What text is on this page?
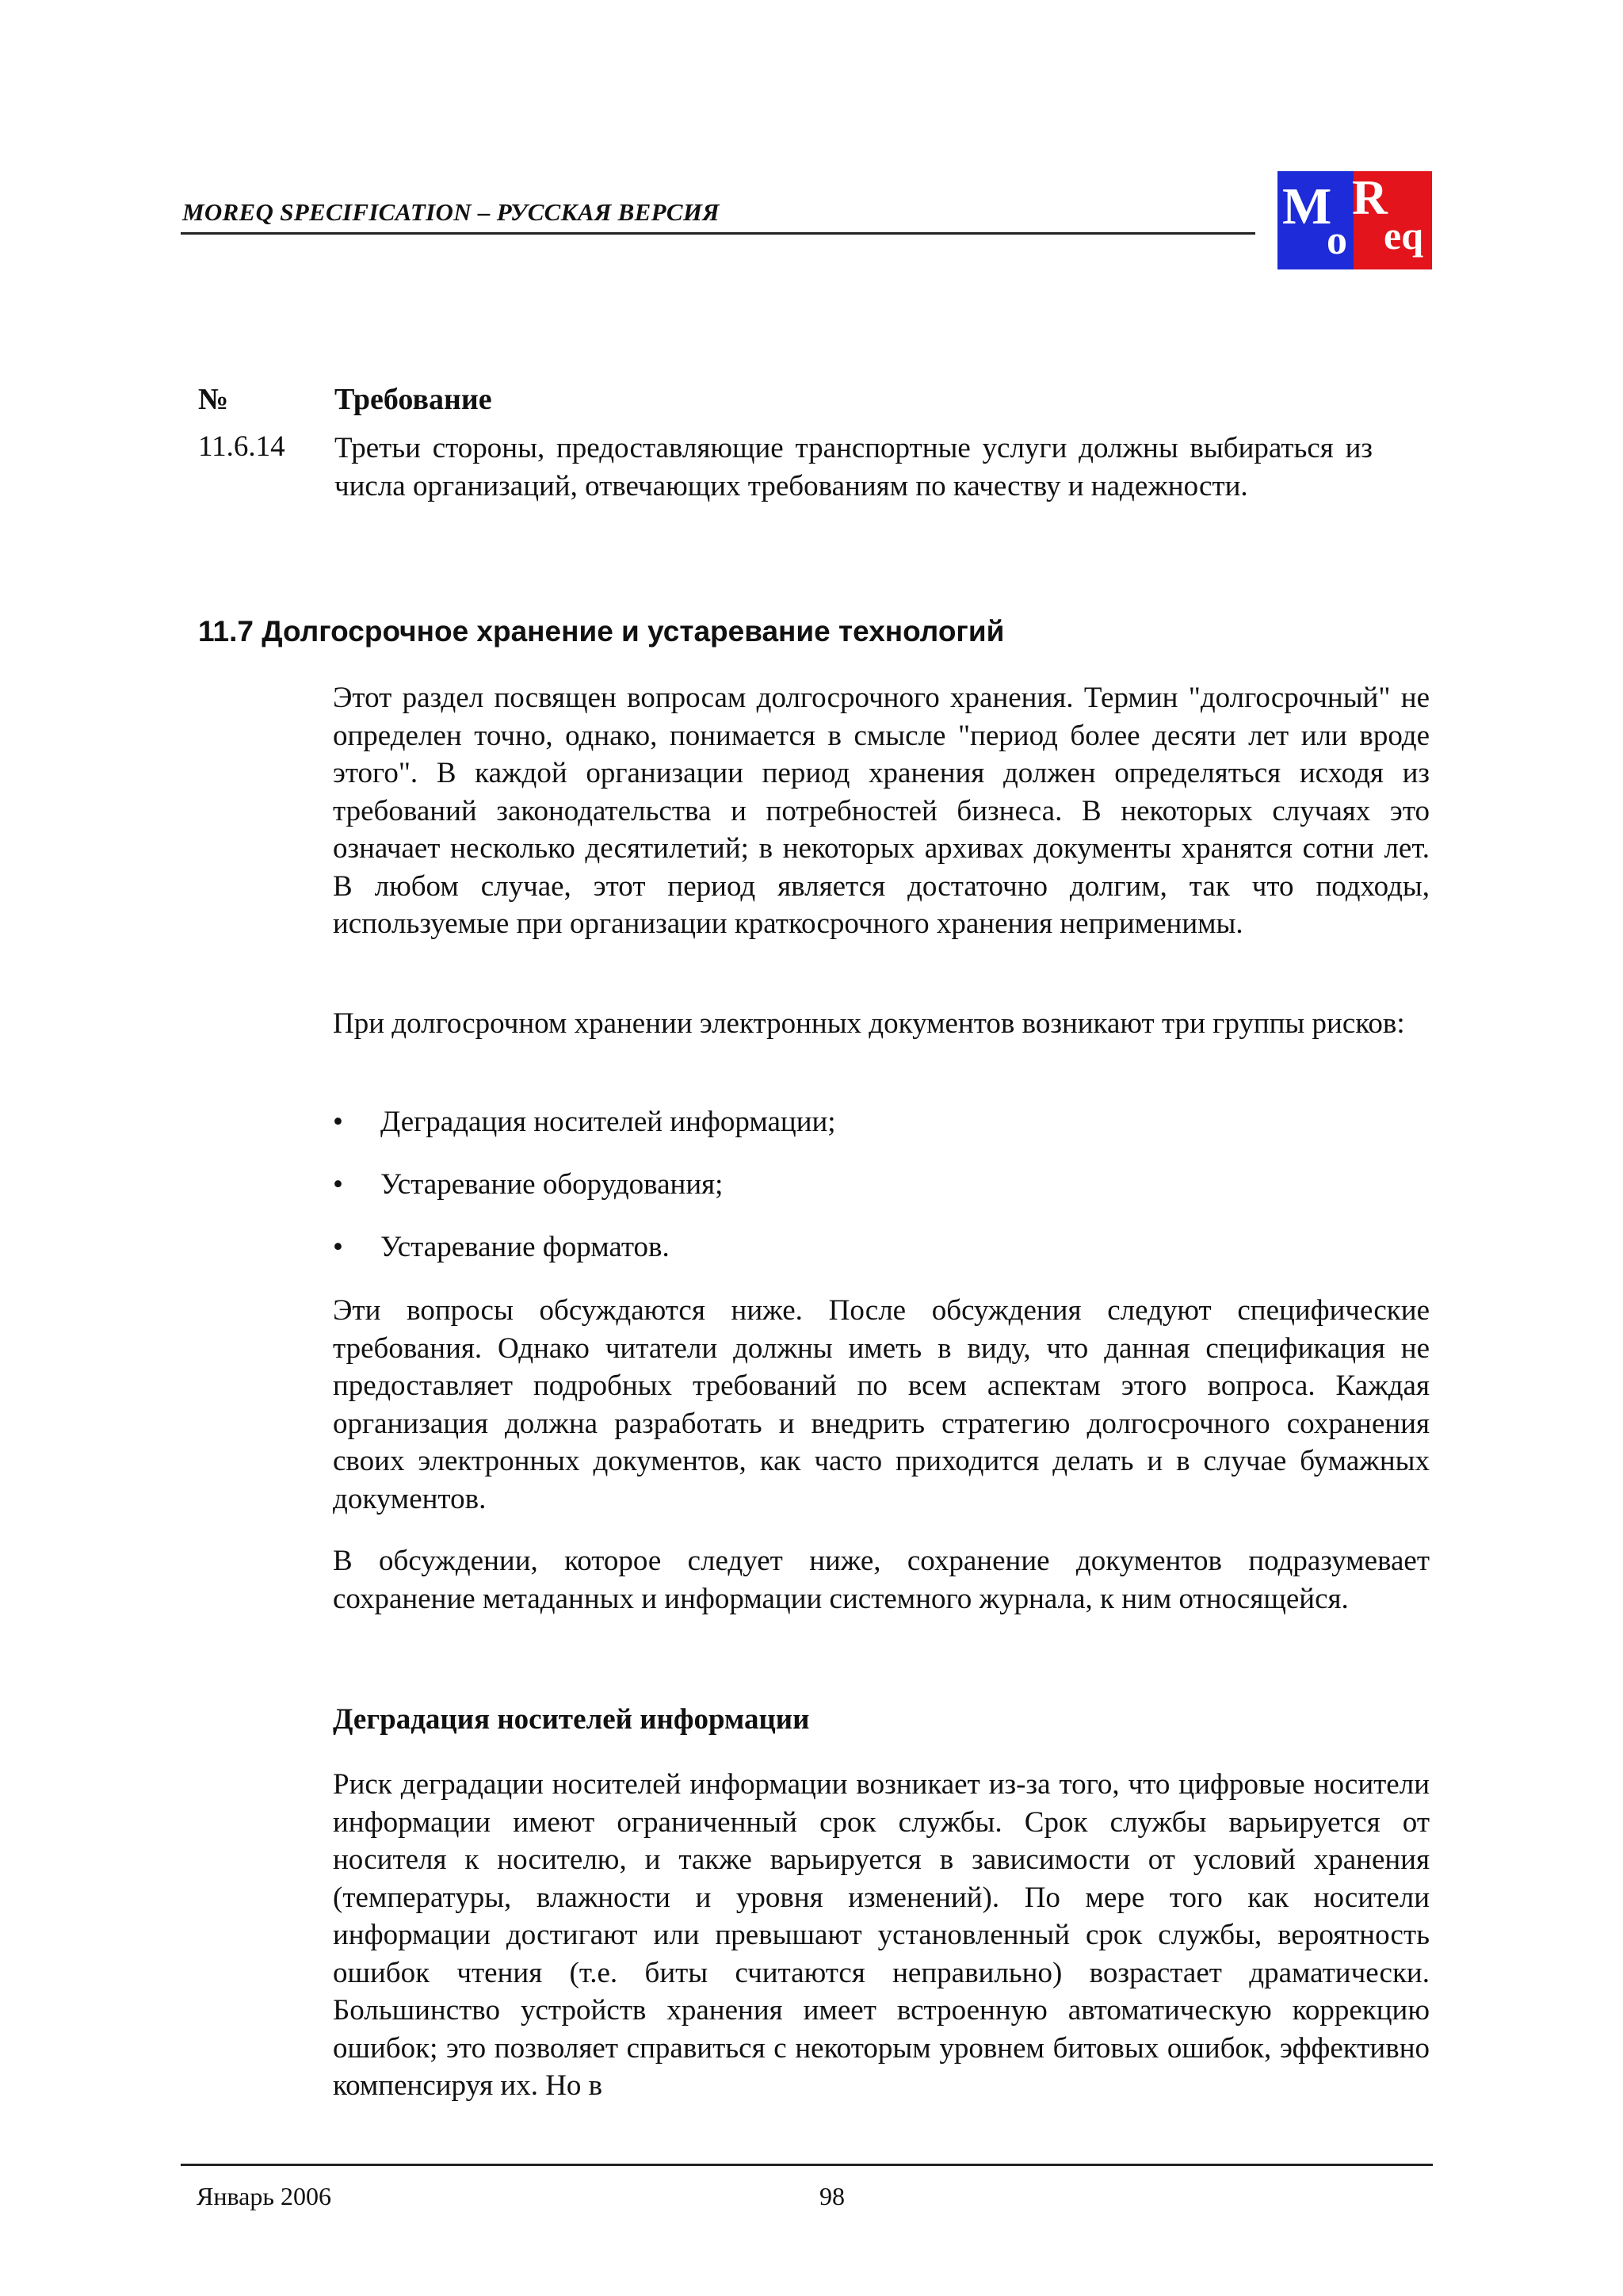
MOREQ SPECIFICATION – РУССКАЯ ВЕРСИЯ	M
o
R
eq
№	Требование
11.6.14 Третьи стороны, предоставляющие транспортные услуги должны выбираться из числа организаций, отвечающих требованиям по качеству и надежности.
11.7 Долгосрочное хранение и устаревание технологий
Этот раздел посвящен вопросам долгосрочного хранения. Термин "долгосрочный" не определен точно, однако, понимается в смысле "период более десяти лет или вроде этого". В каждой организации период хранения должен определяться исходя из требований законодательства и потребностей бизнеса. В некоторых случаях это означает несколько десятилетий; в некоторых архивах документы хранятся сотни лет. В любом случае, этот период является достаточно долгим, так что подходы, используемые при организации краткосрочного хранения неприменимы.
При долгосрочном хранении электронных документов возникают три группы рисков:
• Деградация носителей информации;
• Устаревание оборудования;
• Устаревание форматов.
Эти вопросы обсуждаются ниже. После обсуждения следуют специфические требования. Однако читатели должны иметь в виду, что данная спецификация не предоставляет подробных требований по всем аспектам этого вопроса. Каждая организация должна разработать и внедрить стратегию долгосрочного сохранения своих электронных документов, как часто приходится делать и в случае бумажных документов.
В обсуждении, которое следует ниже, сохранение документов подразумевает сохранение метаданных и информации системного журнала, к ним относящейся.
Деградация носителей информации
Риск деградации носителей информации возникает из-за того, что цифровые носители информации имеют ограниченный срок службы. Срок службы варьируется от носителя к носителю, и также варьируется в зависимости от условий хранения (температуры, влажности и уровня изменений). По мере того как носители информации достигают или превышают установленный срок службы, вероятность ошибок чтения (т.е. биты считаются неправильно) возрастает драматически. Большинство устройств хранения имеет встроенную автоматическую коррекцию ошибок; это позволяет справиться с некоторым уровнем битовых ошибок, эффективно компенсируя их. Но в
Январь 2006	98
